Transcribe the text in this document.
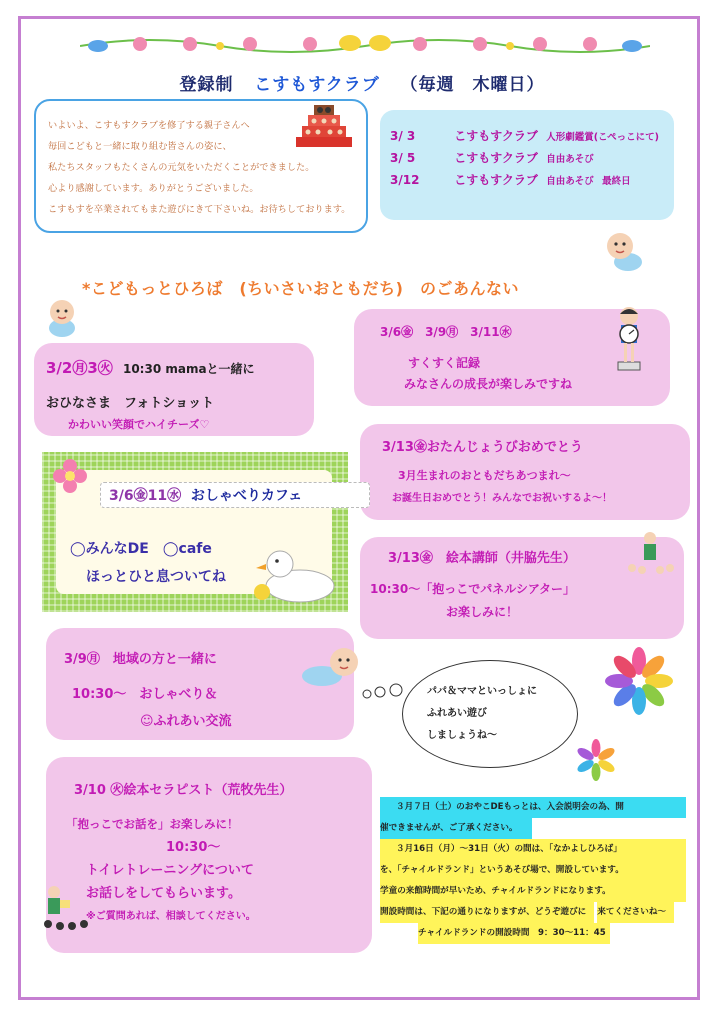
登録制 こすもすクラブ （毎週　木曜日）

いよいよ、こすもすクラブを修了する親子さんへ

毎回こどもと一緒に取り組む皆さんの姿に、

私たちスタッフもたくさんの元気をいただくことができました。

心より感謝しています。ありがとうございました。

こすもすを卒業されてもまた遊びにきて下さいね。お待ちしております。

3/ 3	こすもすクラブ 人形劇鑑賞(こぺっこにて)
3/ 5	こすもすクラブ 自由あそび
3/12	こすもすクラブ 自由あそび 最終日
*こどもっとひろば　(ちいさいおともだち)　のごあんない
3/2㊊3㊋ 10:30 mamaと一緒に
おひなさま　フォトショット
かわいい笑顔でハイチーズ♡
3/6㊎　3/9㊊　3/11㊌
すくすく記録
みなさんの成長が楽しみですね
3/13㊎おたんじょうびおめでとう
3月生まれのおともだちあつまれ～
お誕生日おめでとう！みんなでお祝いするよ～！
3/6㊎11㊌ おしゃべりカフェ
◯みんなDE　◯cafe
ほっとひと息ついてね
3/13㊎　絵本講師（井脇先生）
10:30～「抱っこでパネルシアター」
お楽しみに！
3/9㊊　地域の方と一緒に
10:30～　おしゃべり＆
☺ふれあい交流
パパ＆ママといっしょに
ふれあい遊び
しましょうね～
3/10 ㊋絵本セラピスト（荒牧先生）
「抱っこでお話を」お楽しみに！
10:30～
トイレトレーニングについて
お話しをしてもらいます。
※ご質問あれば、相談してください。
３月７日（土）のおやこDEもっとは、入会説明会の為、開
催できませんが、ご了承ください。
３月16日（月）～31日（火）の間は、「なかよしひろば」
を、「チャイルドランド」というあそび場で、開設しています。
学童の来館時間が早いため、チャイルドランドになります。
開設時間は、下記の通りになりますが、どうぞ遊びに 来てくださいね～ チャイルドランドの開設時間　9：30～11：45
